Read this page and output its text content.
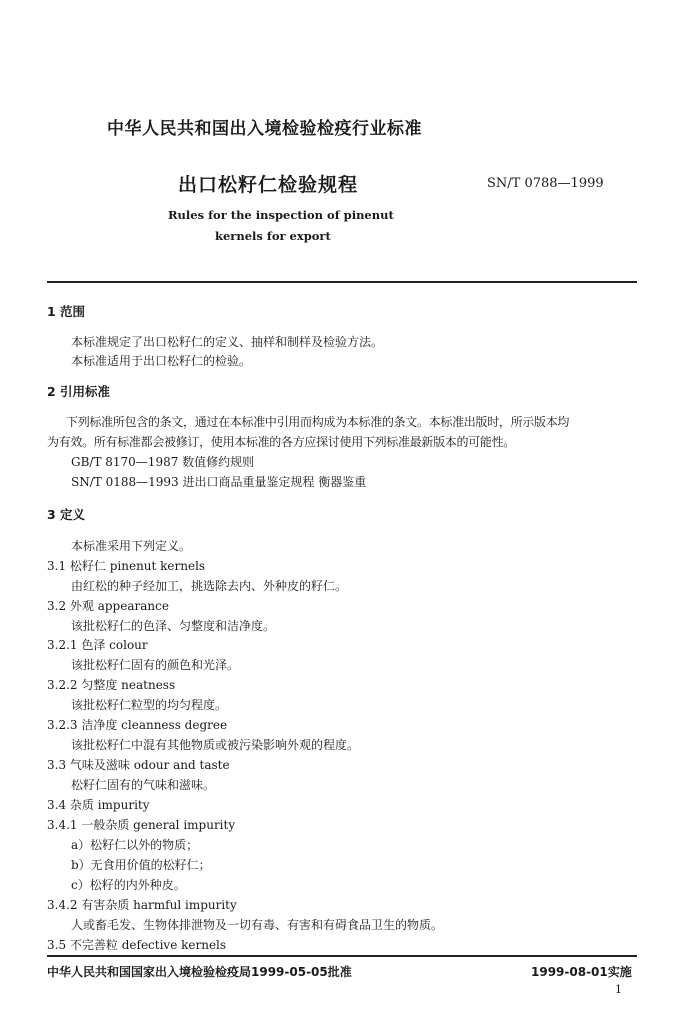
中华人民共和国出入境检验检疫行业标准
出口松籽仁检验规程	SN/T 0788—1999
Rules for the inspection of pinenut
kernels for export
1 范围
本标准规定了出口松籽仁的定义、抽样和制样及检验方法。
本标准适用于出口松籽仁的检验。
2 引用标准
下列标准所包含的条文，通过在本标准中引用而构成为本标准的条文。本标准出版时，所示版本均
为有效。所有标准都会被修订，使用本标准的各方应探讨使用下列标准最新版本的可能性。
GB/T 8170—1987 数值修约规则
SN/T 0188—1993 进出口商品重量鉴定规程 衡器鉴重
3 定义
本标准采用下列定义。
3.1 松籽仁 pinenut kernels
由红松的种子经加工，挑选除去内、外种皮的籽仁。
3.2 外观 appearance
该批松籽仁的色泽、匀整度和洁净度。
3.2.1 色泽 colour
该批松籽仁固有的颜色和光泽。
3.2.2 匀整度 neatness
该批松籽仁粒型的均匀程度。
3.2.3 洁净度 cleanness degree
该批松籽仁中混有其他物质或被污染影响外观的程度。
3.3 气味及滋味 odour and taste
松籽仁固有的气味和滋味。
3.4 杂质 impurity
3.4.1 一般杂质 general impurity
a）松籽仁以外的物质；
b）无食用价值的松籽仁；
c）松籽的内外种皮。
3.4.2 有害杂质 harmful impurity
人或畜毛发、生物体排泄物及一切有毒、有害和有碍食品卫生的物质。
3.5 不完善粒 defective kernels
中华人民共和国国家出入境检验检疫局1999-05-05批准	1999-08-01实施
1
